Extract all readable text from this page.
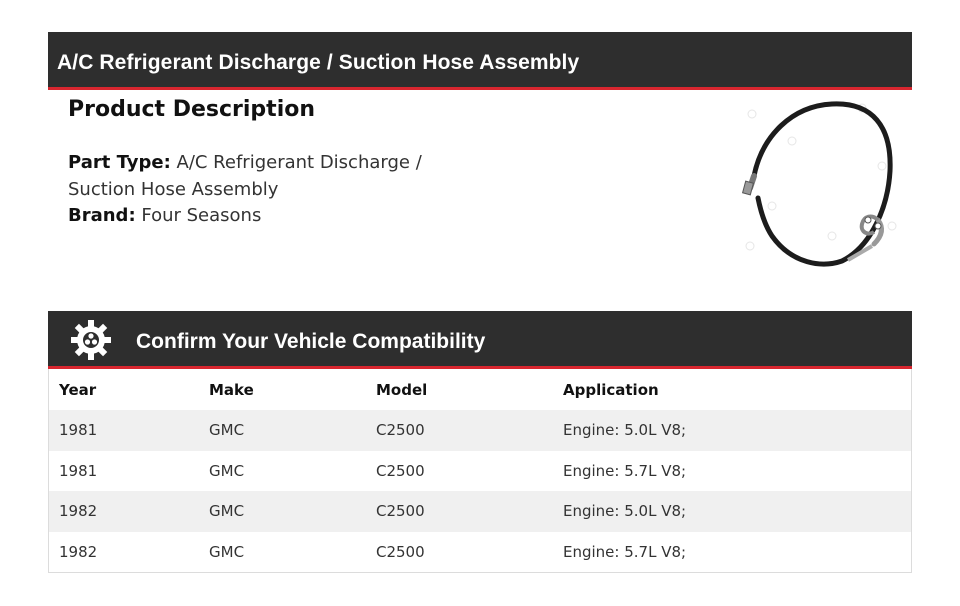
A/C Refrigerant Discharge / Suction Hose Assembly
Product Description
Part Type: A/C Refrigerant Discharge / Suction Hose Assembly
Brand: Four Seasons
Confirm Your Vehicle Compatibility
Year	Make	Model	Application
1981	GMC	C2500	Engine: 5.0L V8;
1981	GMC	C2500	Engine: 5.7L V8;
1982	GMC	C2500	Engine: 5.0L V8;
1982	GMC	C2500	Engine: 5.7L V8;
